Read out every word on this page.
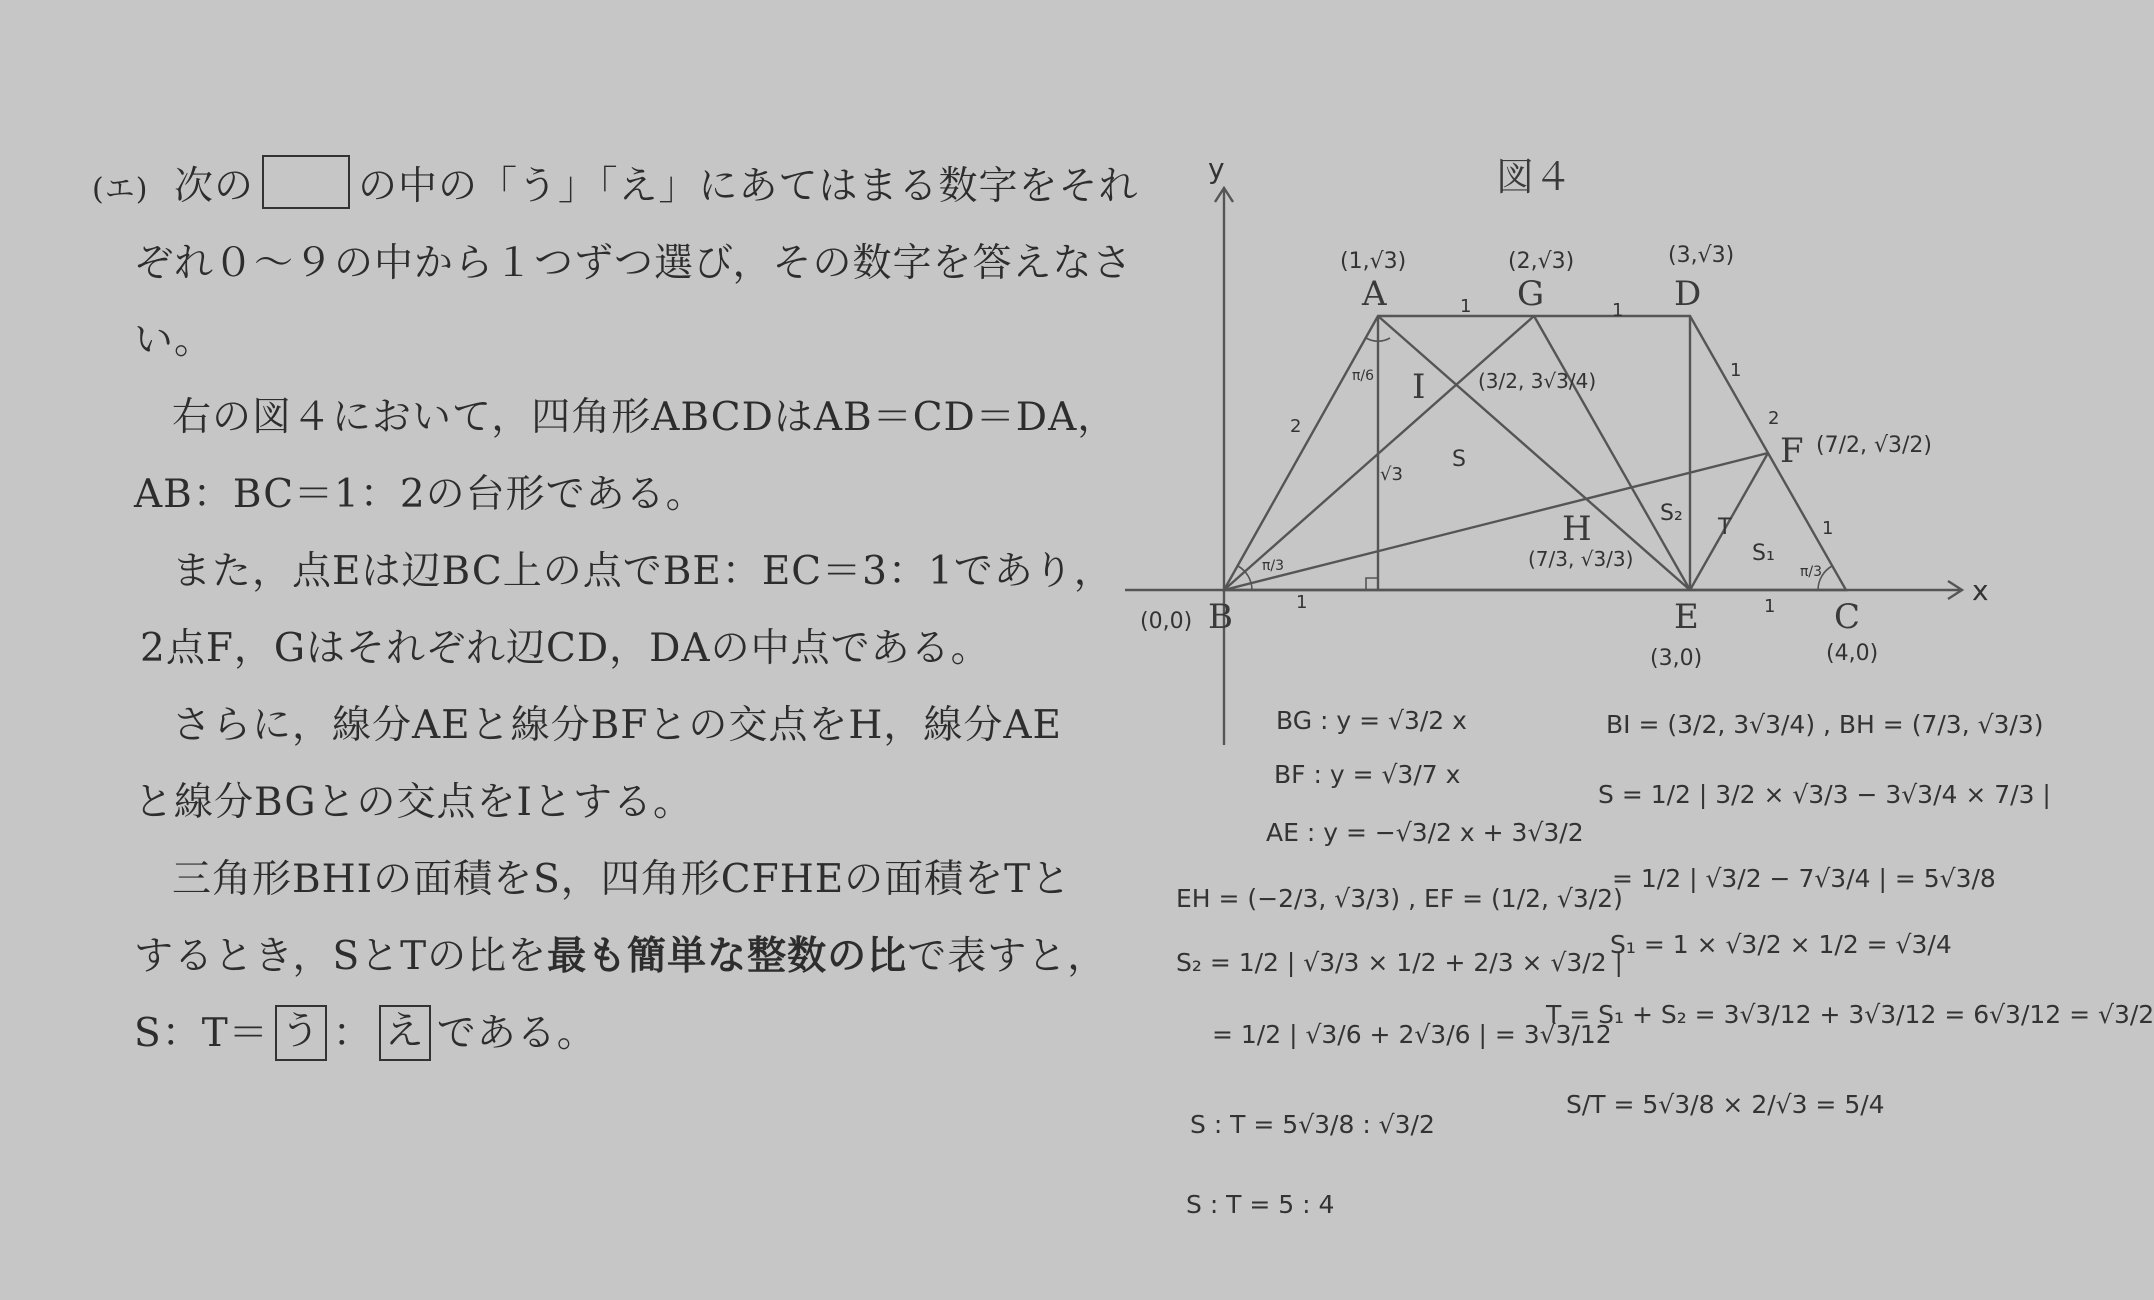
(エ) 次の	の中の「う」「え」にあてはまる数字をそれ
ぞれ０～９の中から１つずつ選び，その数字を答えなさ
い。
右の図４において，四角形ABCDはAB＝CD＝DA，
AB：BC＝1：2の台形である。
また，点Eは辺BC上の点でBE：EC＝3：1であり，
2点F，Gはそれぞれ辺CD，DAの中点である。
さらに，線分AEと線分BFとの交点をH，線分AE
と線分BGとの交点をIとする。
三角形BHIの面積をS，四角形CFHEの面積をTと
するとき，SとTの比を最も簡単な整数の比で表すと，
S：T＝ う ： え である。
図４
x
y
A	G	D
B	E	C
F
H
I
(1,√3)	(2,√3)	(3,√3)
(0,0)
(3,0)	(4,0)
(7/2, √3/2)
(7/3, √3/3)
(3/2, 3√3/4)
1	1
1
1
2	2
1	1
√3
S
S₁
S₂
T
π/3	π/3
π/6
BG : y = √3/2 x
BF : y = √3/7 x
AE : y = −√3/2 x + 3√3/2
EH = (−2/3, √3/3) , EF = (1/2, √3/2)
S₂ = 1/2 | √3/3 × 1/2 + 2/3 × √3/2 |
= 1/2 | √3/6 + 2√3/6 | = 3√3/12
S : T = 5√3/8 : √3/2
S : T = 5 : 4
BI = (3/2, 3√3/4) , BH = (7/3, √3/3)
S = 1/2 | 3/2 × √3/3 − 3√3/4 × 7/3 |
= 1/2 | √3/2 − 7√3/4 | = 5√3/8
S₁ = 1 × √3/2 × 1/2 = √3/4
T = S₁ + S₂ = 3√3/12 + 3√3/12 = 6√3/12 = √3/2
S/T = 5√3/8 × 2/√3 = 5/4
